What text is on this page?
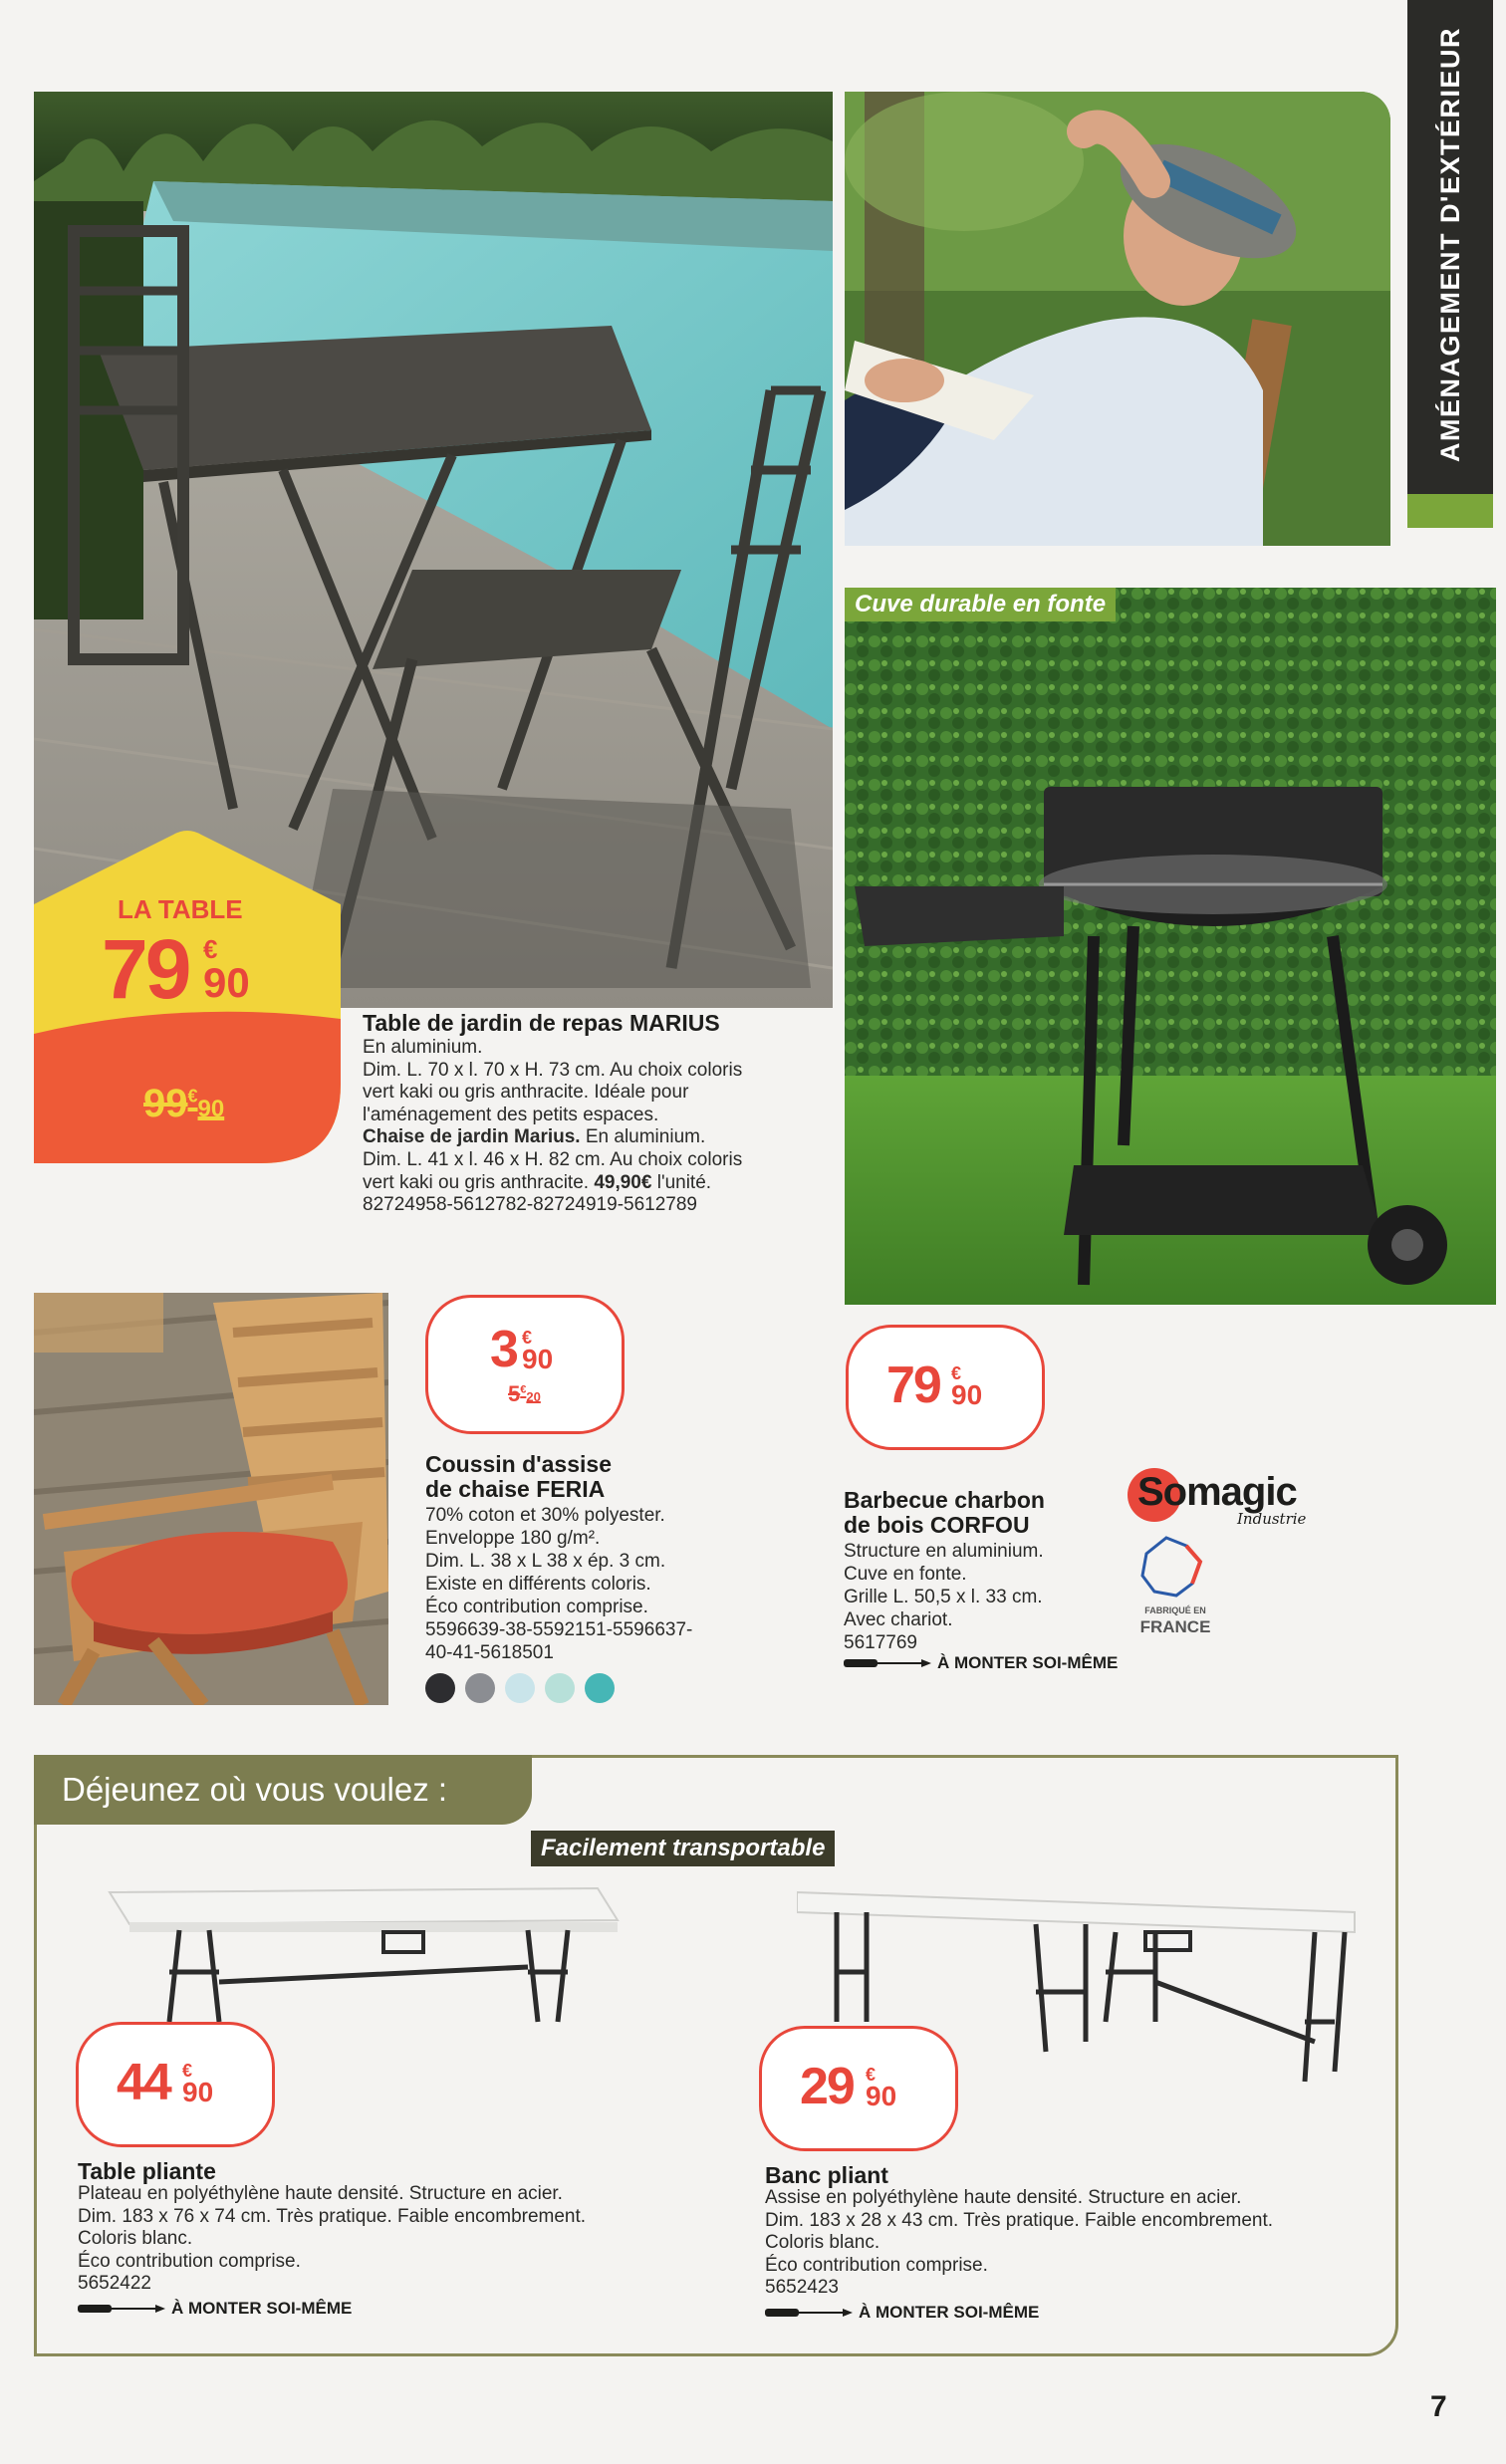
LA TABLE
79 €
90
99€90
Table de jardin de repas MARIUS
En aluminium.
Dim. L. 70 x l. 70 x H. 73 cm. Au choix coloris
vert kaki ou gris anthracite. Idéale pour
l'aménagement des petits espaces.
Chaise de jardin Marius. En aluminium.
Dim. L. 41 x l. 46 x H. 82 cm. Au choix coloris
vert kaki ou gris anthracite. 49,90€ l'unité.
82724958-5612782-82724919-5612789
AMÉNAGEMENT D'EXTÉRIEUR
Cuve durable en fonte
79 €
90
Barbecue charbon
de bois CORFOU
Structure en aluminium.
Cuve en fonte.
Grille L. 50,5 x l. 33 cm.
Avec chariot.
5617769
À MONTER SOI-MÊME
Somagic
Industrie
FABRIQUÉ EN
FRANCE
3 €
90
5€20
Coussin d'assise
de chaise FERIA
70% coton et 30% polyester.
Enveloppe 180 g/m².
Dim. L. 38 x L 38 x ép. 3 cm.
Existe en différents coloris.
Éco contribution comprise.
5596639-38-5592151-5596637-
40-41-5618501
Déjeunez où vous voulez :
Facilement transportable
44 €
90
Table pliante
Plateau en polyéthylène haute densité. Structure en acier.
Dim. 183 x 76 x 74 cm. Très pratique. Faible encombrement.
Coloris blanc.
Éco contribution comprise.
5652422
À MONTER SOI-MÊME
29 €
90
Banc pliant
Assise en polyéthylène haute densité. Structure en acier.
Dim. 183 x 28 x 43 cm. Très pratique. Faible encombrement.
Coloris blanc.
Éco contribution comprise.
5652423
À MONTER SOI-MÊME
7
